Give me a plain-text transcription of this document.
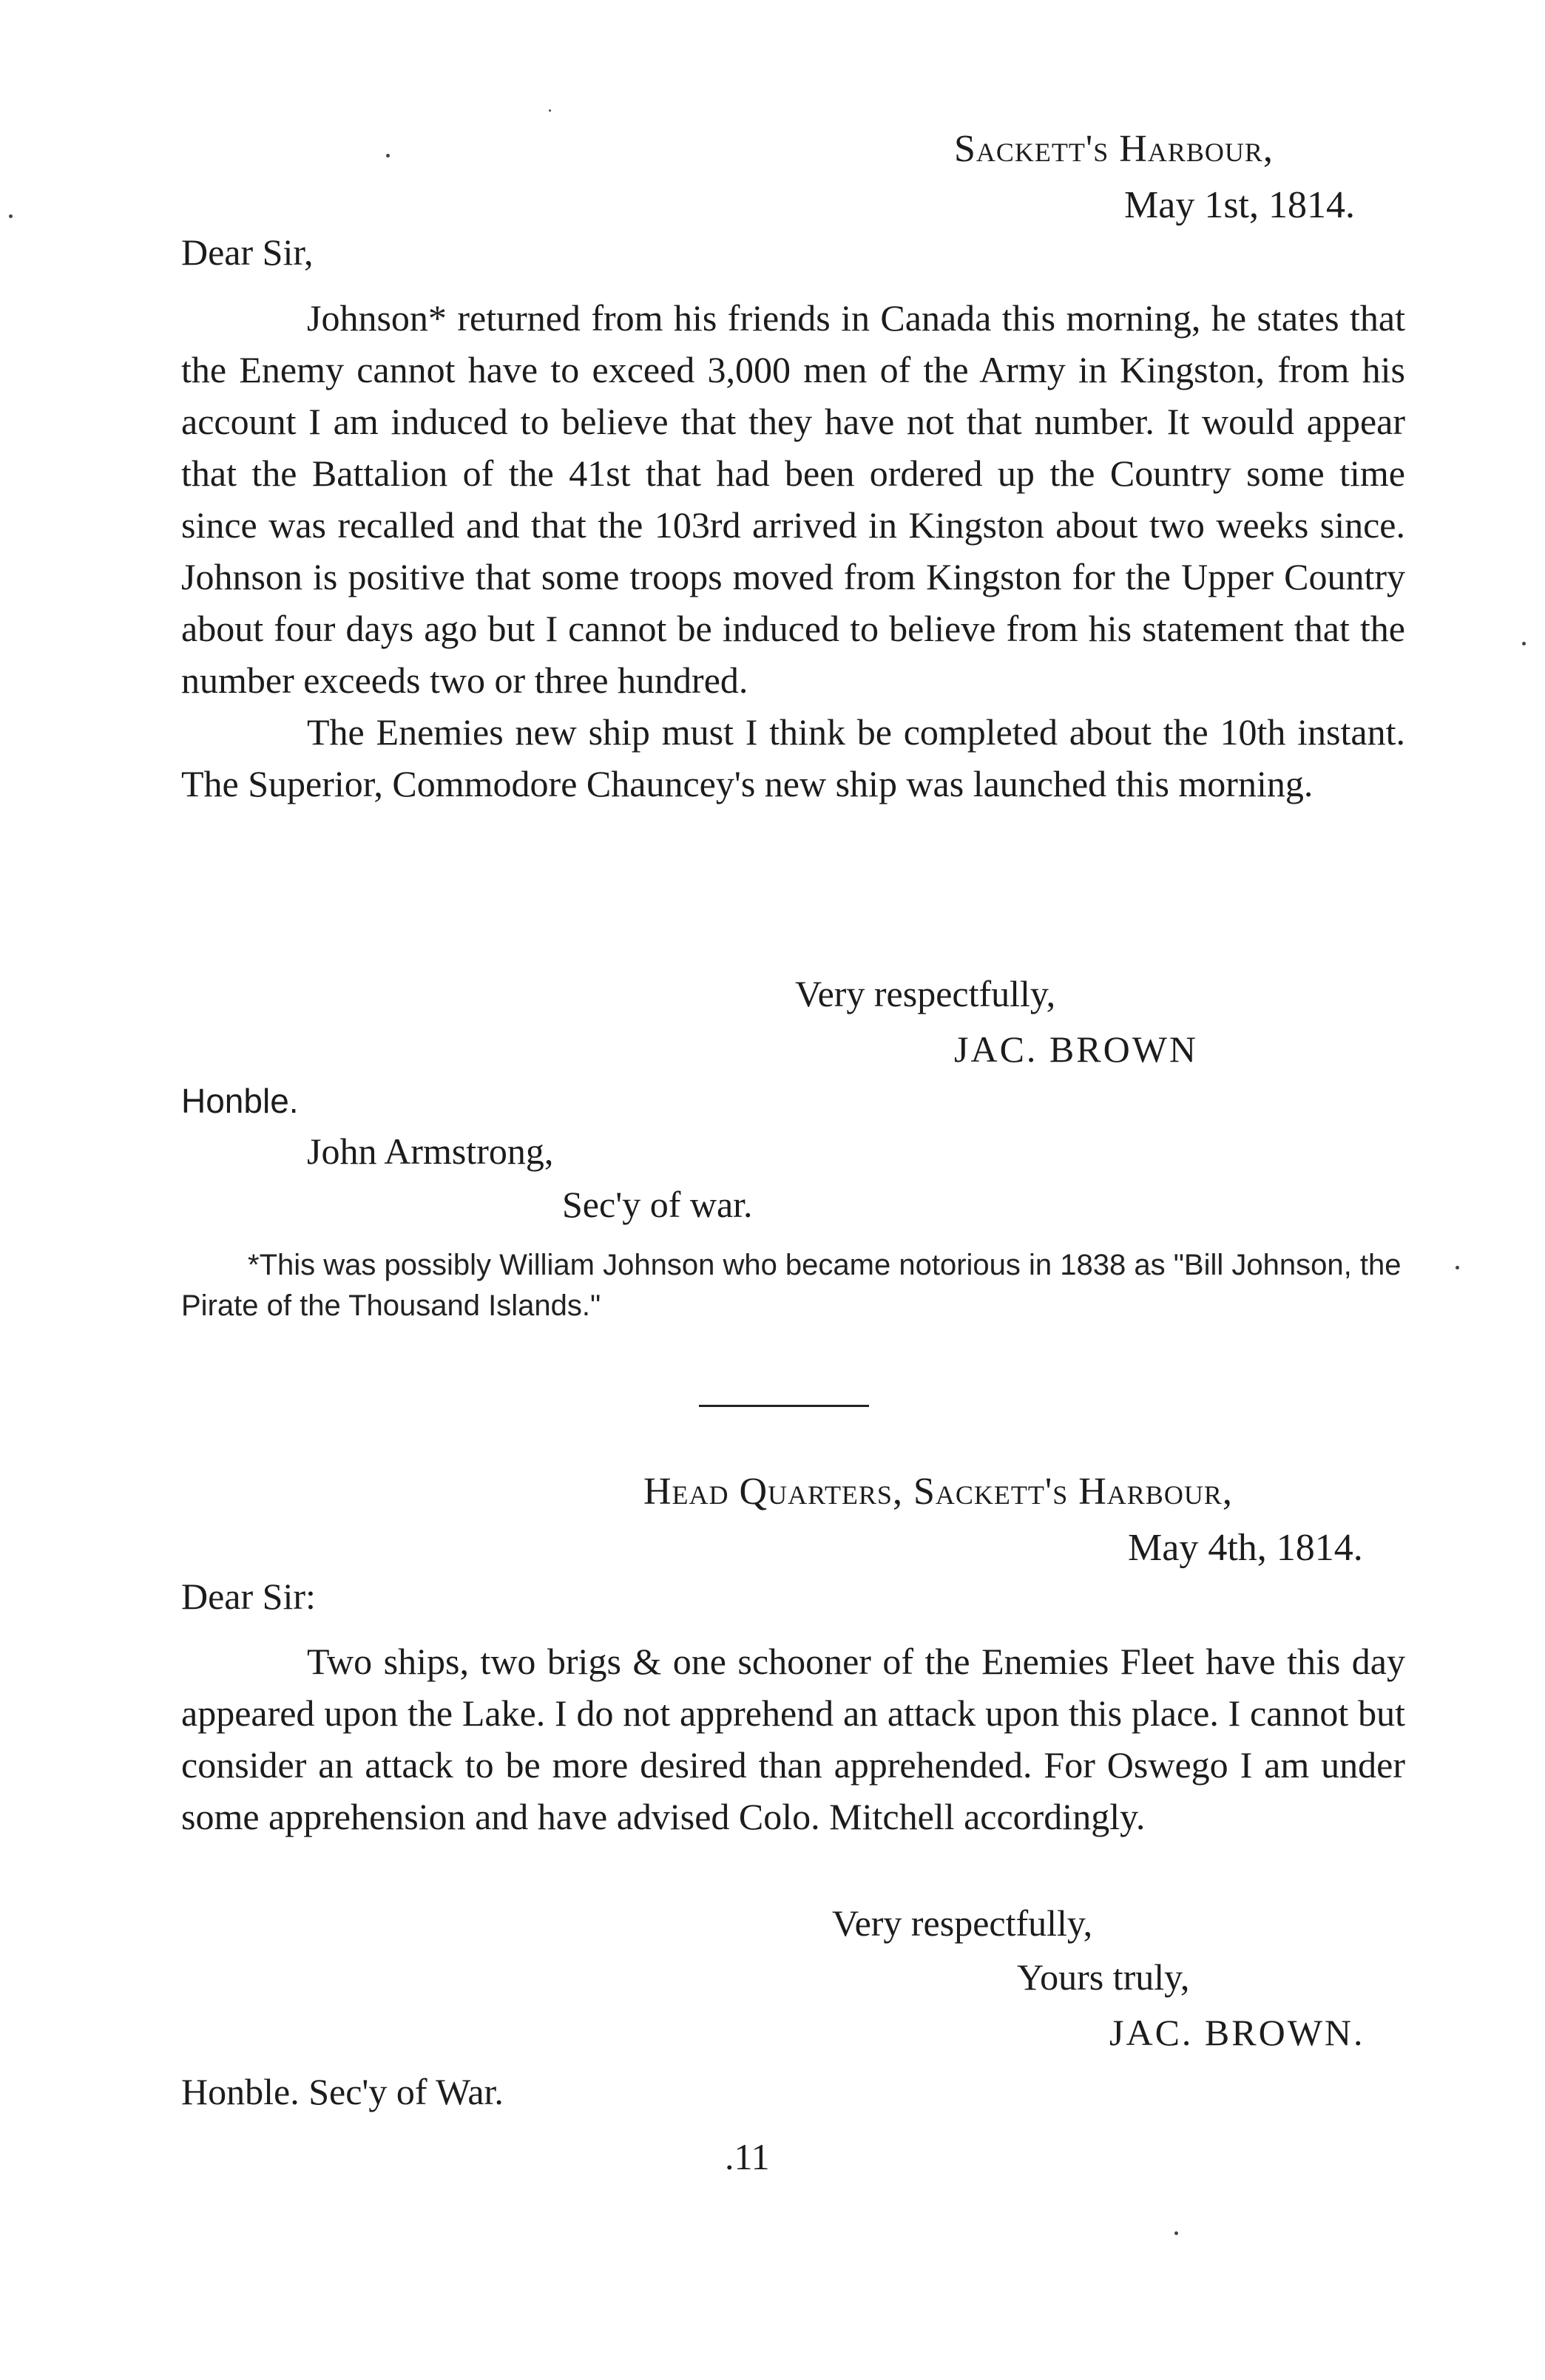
Sackett's Harbour,
May 1st, 1814.
Dear Sir,

Johnson* returned from his friends in Canada this morning, he states that the Enemy cannot have to exceed 3,000 men of the Army in Kingston, from his account I am induced to believe that they have not that number. It would appear that the Battalion of the 41st that had been ordered up the Country some time since was recalled and that the 103rd arrived in Kingston about two weeks since. Johnson is positive that some troops moved from Kingston for the Upper Country about four days ago but I cannot be induced to believe from his statement that the number exceeds two or three hundred.

The Enemies new ship must I think be completed about the 10th instant. The Superior, Commodore Chauncey's new ship was launched this morning.

Very respectfully,
JAC. BROWN
Honble.
John Armstrong,
Sec'y of war.

*This was possibly William Johnson who became notorious in 1838 as "Bill Johnson, the Pirate of the Thousand Islands."

Head Quarters, Sackett's Harbour,
May 4th, 1814.
Dear Sir:

Two ships, two brigs & one schooner of the Enemies Fleet have this day appeared upon the Lake. I do not apprehend an attack upon this place. I cannot but consider an attack to be more desired than apprehended. For Oswego I am under some apprehension and have advised Colo. Mitchell accordingly.

Very respectfully,
Yours truly,
JAC. BROWN.
Honble. Sec'y of War.
.11
